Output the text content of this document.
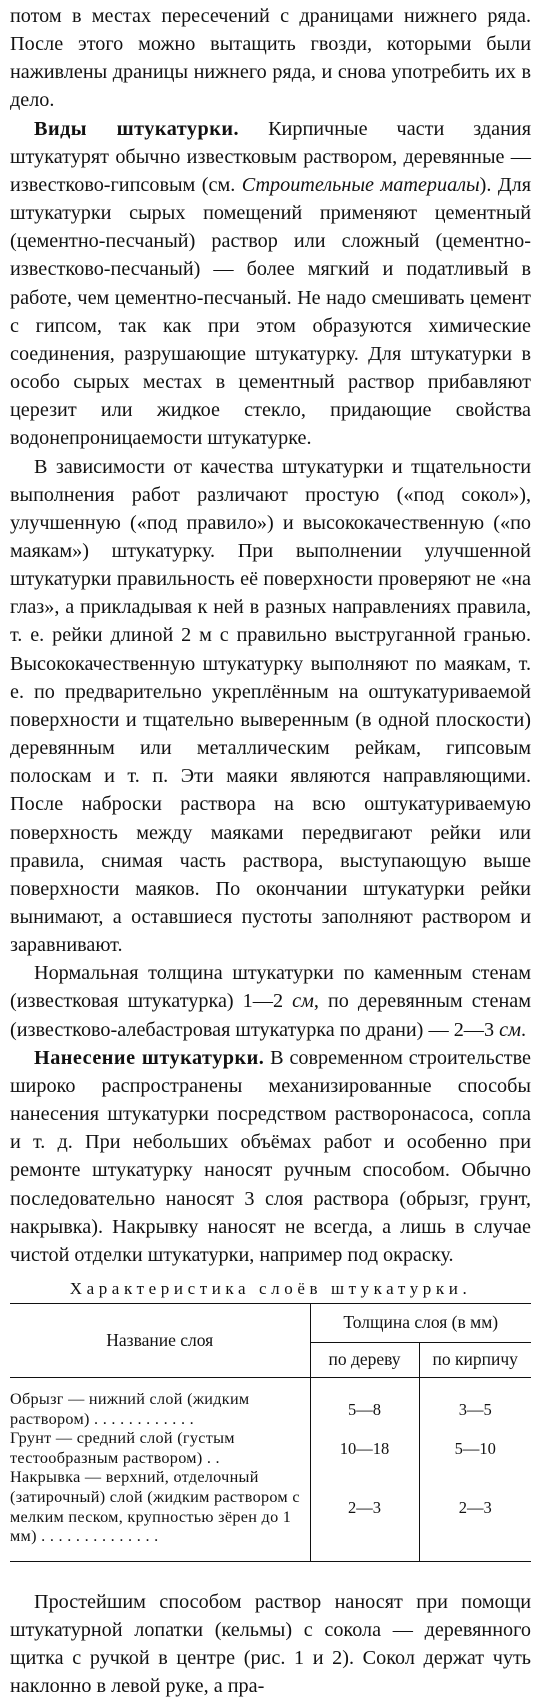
потом в местах пересечений с драницами нижнего ряда. После этого можно вытащить гвозди, которыми были наживлены драницы нижнего ряда, и снова употребить их в дело.

Виды штукатурки. Кирпичные части здания штукатурят обычно известковым раствором, деревянные — известково-гипсовым (см. Строительные материалы). Для штукатурки сырых помещений применяют цементный (цементно-песчаный) раствор или сложный (цементно-известково-песчаный) — более мягкий и податливый в работе, чем цементно-песчаный. Не надо смешивать цемент с гипсом, так как при этом образуются химические соединения, разрушающие штукатурку. Для штукатурки в особо сырых местах в цементный раствор прибавляют церезит или жидкое стекло, придающие свойства водонепроницаемости штукатурке.

В зависимости от качества штукатурки и тщательности выполнения работ различают простую («под сокол»), улучшенную («под правило») и высококачественную («по маякам») штукатурку. При выполнении улучшенной штукатурки правильность её поверхности проверяют не «на глаз», а прикладывая к ней в разных направлениях правила, т. е. рейки длиной 2 м с правильно выструганной гранью. Высококачественную штукатурку выполняют по маякам, т. е. по предварительно укреплённым на оштукатуриваемой поверхности и тщательно выверенным (в одной плоскости) деревянным или металлическим рейкам, гипсовым полоскам и т. п. Эти маяки являются направляющими. После наброски раствора на всю оштукатуриваемую поверхность между маяками передвигают рейки или правила, снимая часть раствора, выступающую выше поверхности маяков. По окончании штукатурки рейки вынимают, а оставшиеся пустоты заполняют раствором и заравнивают.

Нормальная толщина штукатурки по каменным стенам (известковая штукатурка) 1—2 см, по деревянным стенам (известково-алебастровая штукатурка по драни) — 2—3 см.

Нанесение штукатурки. В современном строительстве широко распространены механизированные способы нанесения штукатурки посредством растворонасоса, сопла и т. д. При небольших объёмах работ и особенно при ремонте штукатурку наносят ручным способом. Обычно последовательно наносят 3 слоя раствора (обрызг, грунт, накрывка). Накрывку наносят не всегда, а лишь в случае чистой отделки штукатурки, например под окраску.

Характеристика слоёв штукатурки.
Название слоя	Толщина слоя (в мм)	
	по дереву	по кирпичу

Обрызг — нижний слой (жидким раствором) . . . . . . . . . . . .	5—8	3—5
Грунт — средний слой (густым тестообразным раствором) . .	10—18	5—10
Накрывка — верхний, отделочный (затирочный) слой (жидким раствором с мелким песком, крупностью зёрен до 1 мм) . . . . . . . . . . . . . .	2—3	2—3

Простейшим способом раствор наносят при помощи штукатурной лопатки (кельмы) с сокола — деревянного щитка с ручкой в центре (рис. 1 и 2). Сокол держат чуть наклонно в левой руке, а пра-
